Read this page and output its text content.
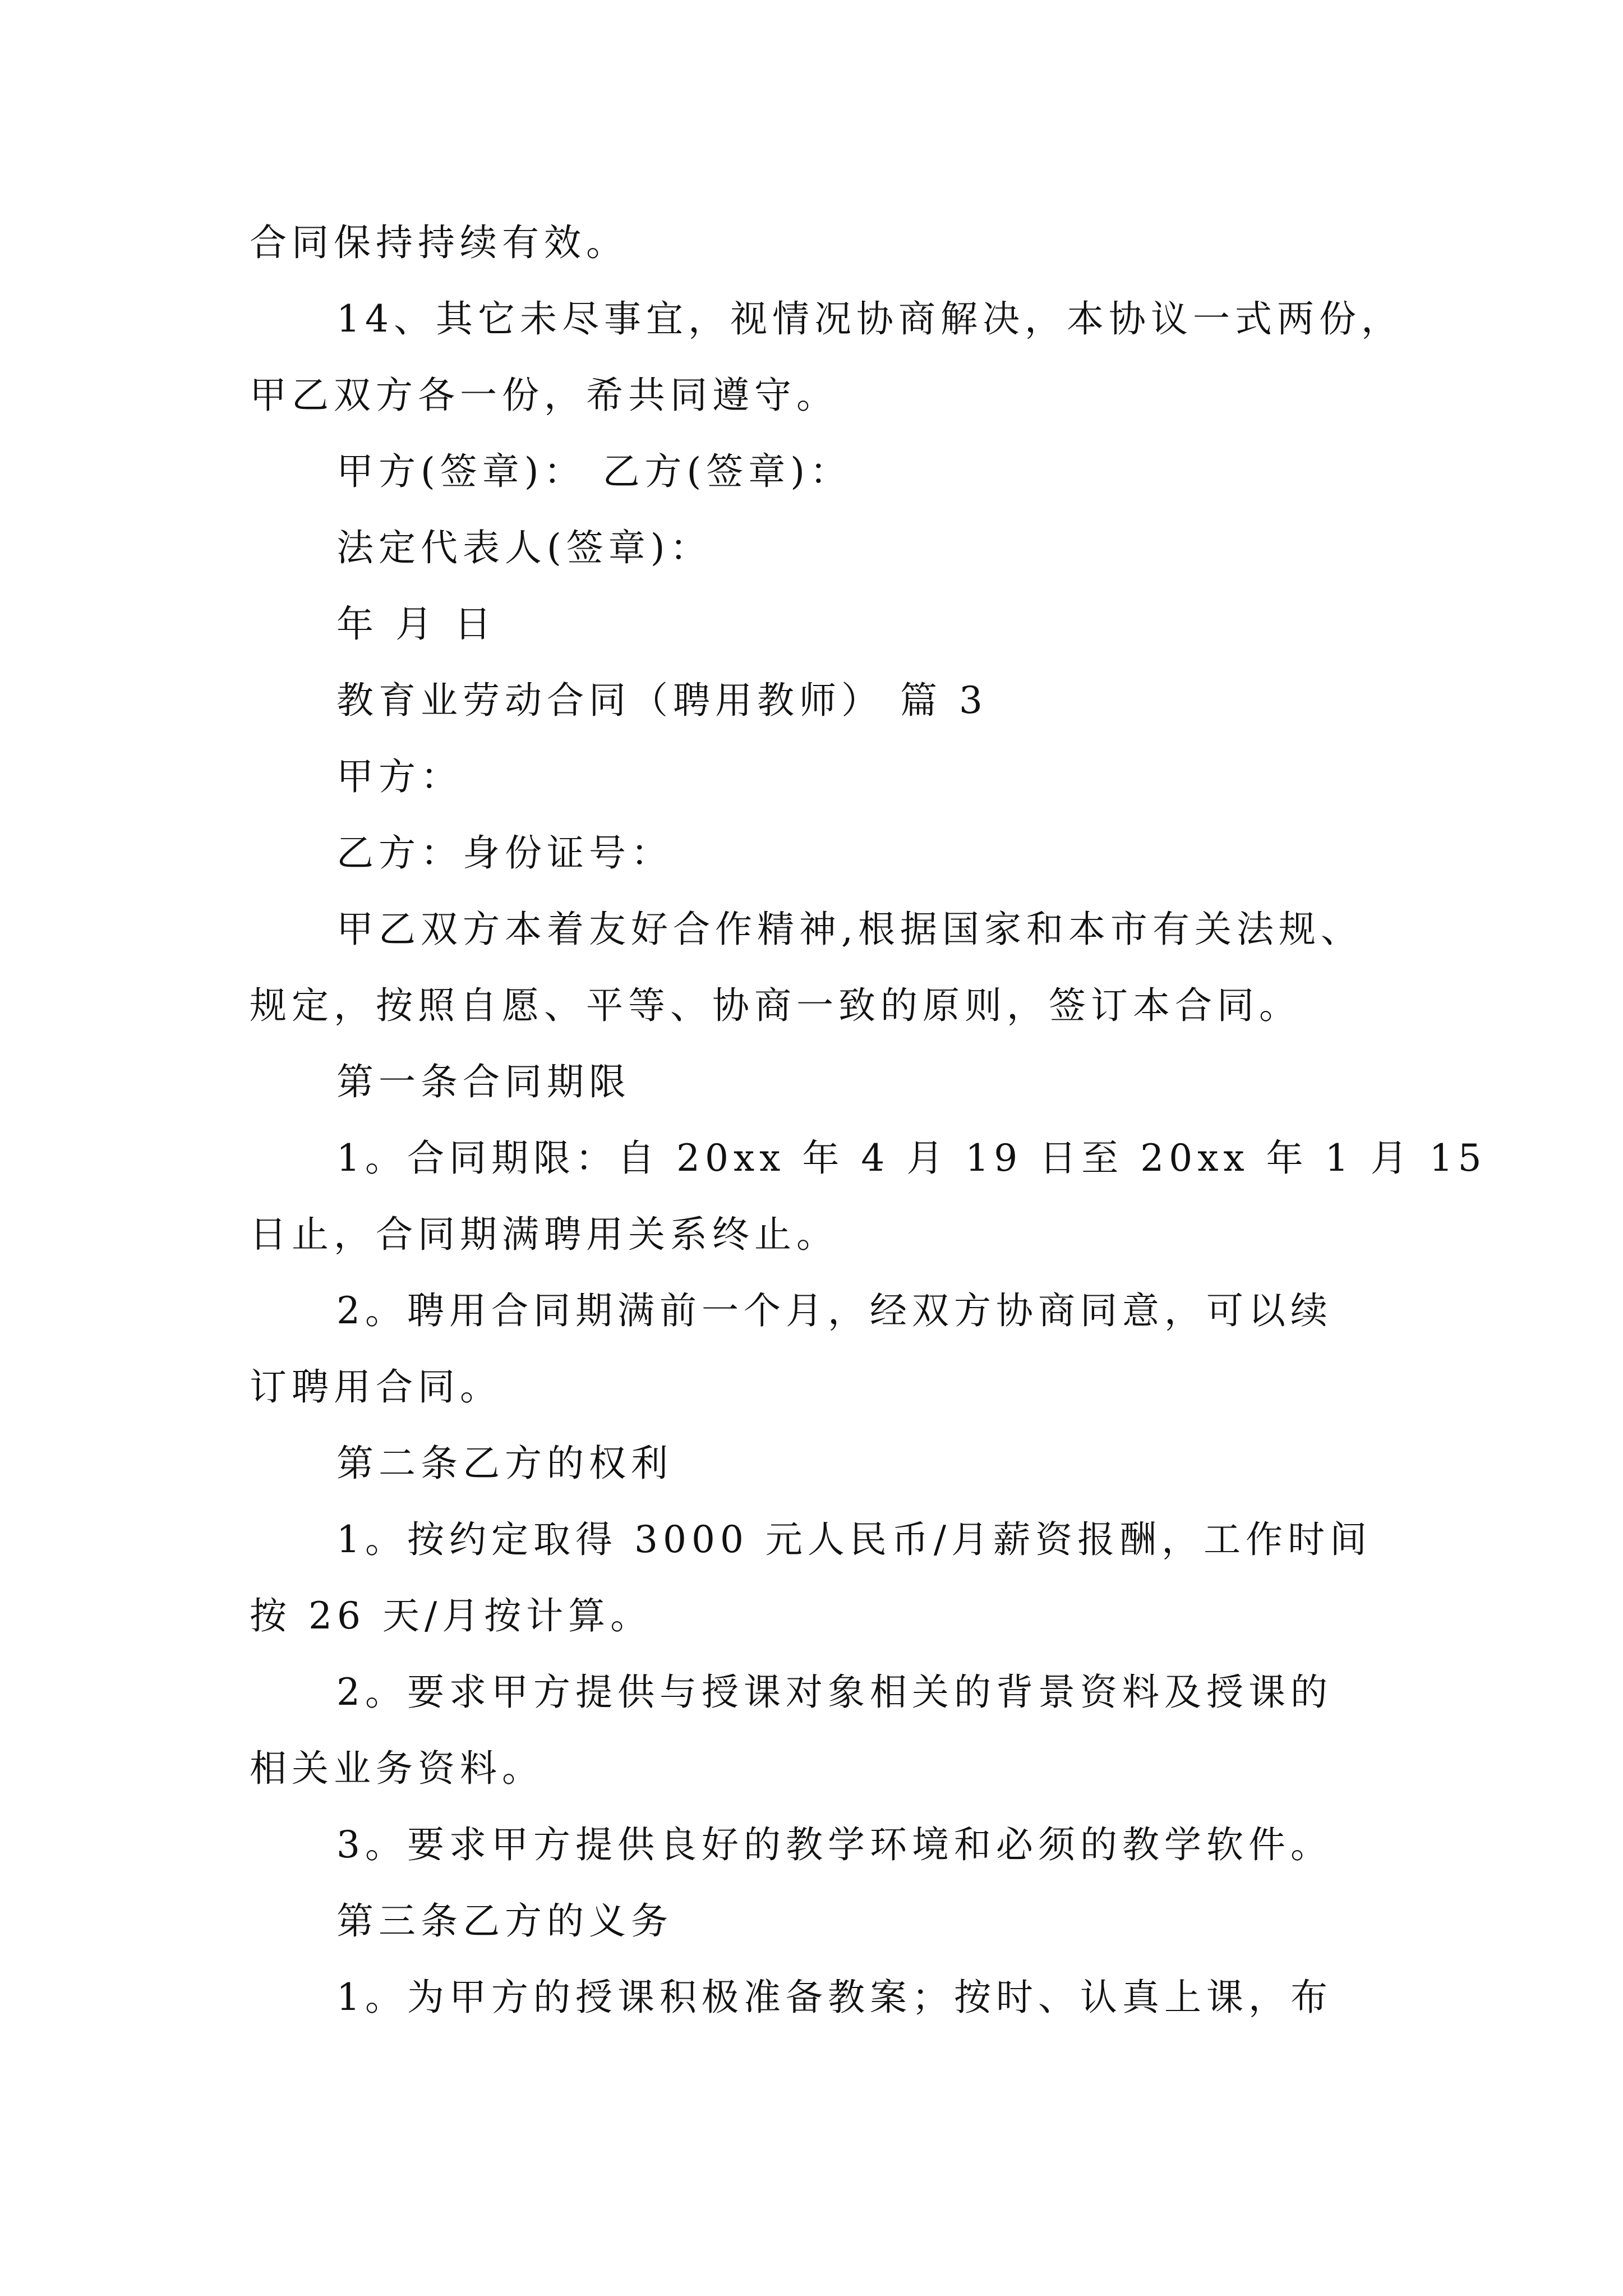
合同保持持续有效。
14、其它未尽事宜，视情况协商解决，本协议一式两份，
甲乙双方各一份，希共同遵守。
甲方(签章)： 乙方(签章)：
法定代表人(签章)：
年 月 日
教育业劳动合同（聘用教师） 篇 3
甲方：
乙方：身份证号：
甲乙双方本着友好合作精神,根据国家和本市有关法规、
规定，按照自愿、平等、协商一致的原则，签订本合同。
第一条合同期限
1。合同期限：自 20xx 年 4 月 19 日至 20xx 年 1 月 15
日止，合同期满聘用关系终止。
2。聘用合同期满前一个月，经双方协商同意，可以续
订聘用合同。
第二条乙方的权利
1。按约定取得 3000 元人民币/月薪资报酬，工作时间
按 26 天/月按计算。
2。要求甲方提供与授课对象相关的背景资料及授课的
相关业务资料。
3。要求甲方提供良好的教学环境和必须的教学软件。
第三条乙方的义务
1。为甲方的授课积极准备教案；按时、认真上课，布
